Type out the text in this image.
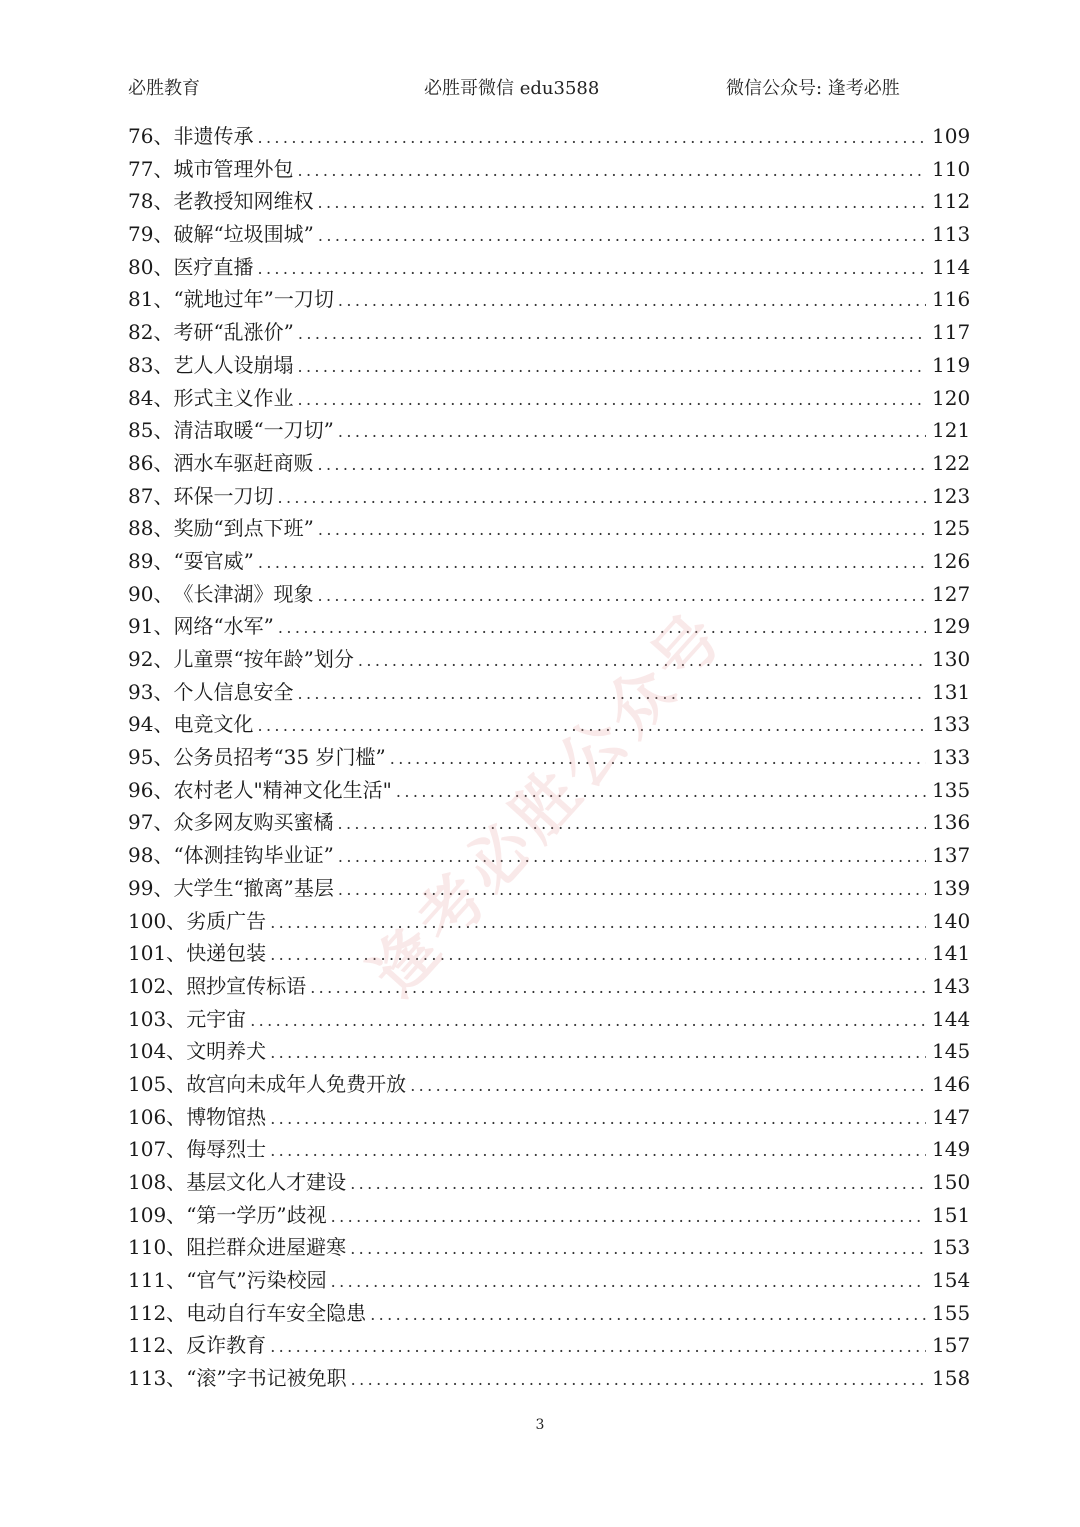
必胜教育	必胜哥微信 edu3588	微信公众号: 逢考必胜
76、 非遗传承 .....	109
77、 城市管理外包 .....	110
78、 老教授知网维权 .....	112
79、 破解“垃圾围城” .....	113
80、 医疗直播 .....	114
81、 “就地过年”一刀切 .....	116
82、 考研“乱涨价” .....	117
83、 艺人人设崩塌 .....	119
84、 形式主义作业 .....	120
85、 清洁取暖“一刀切” .....	121
86、 洒水车驱赶商贩 .....	122
87、 环保一刀切 .....	123
88、 奖励“到点下班” .....	125
89、 “耍官威” .....	126
90、 《长津湖》现象 .....	127
91、 网络“水军” .....	129
92、 儿童票“按年龄”划分 .....	130
93、 个人信息安全 .....	131
94、 电竞文化 .....	133
95、 公务员招考“35 岁门槛” .....	133
96、 农村老人"精神文化生活" .....	135
97、 众多网友购买蜜橘 .....	136
98、 “体测挂钩毕业证” .....	137
99、 大学生“撤离”基层 .....	139
100、 劣质广告 .....	140
101、 快递包装 .....	141
102、 照抄宣传标语 .....	143
103、 元宇宙 .....	144
104、 文明养犬 .....	145
105、 故宫向未成年人免费开放 .....	146
106、 博物馆热 .....	147
107、 侮辱烈士 .....	149
108、 基层文化人才建设 .....	150
109、 “第一学历”歧视 .....	151
110、 阻拦群众进屋避寒 .....	153
111、 “官气”污染校园 .....	154
112、 电动自行车安全隐患 .....	155
112、 反诈教育 .....	157
113、 “滚”字书记被免职 .....	158
逢考必胜公众号
3
